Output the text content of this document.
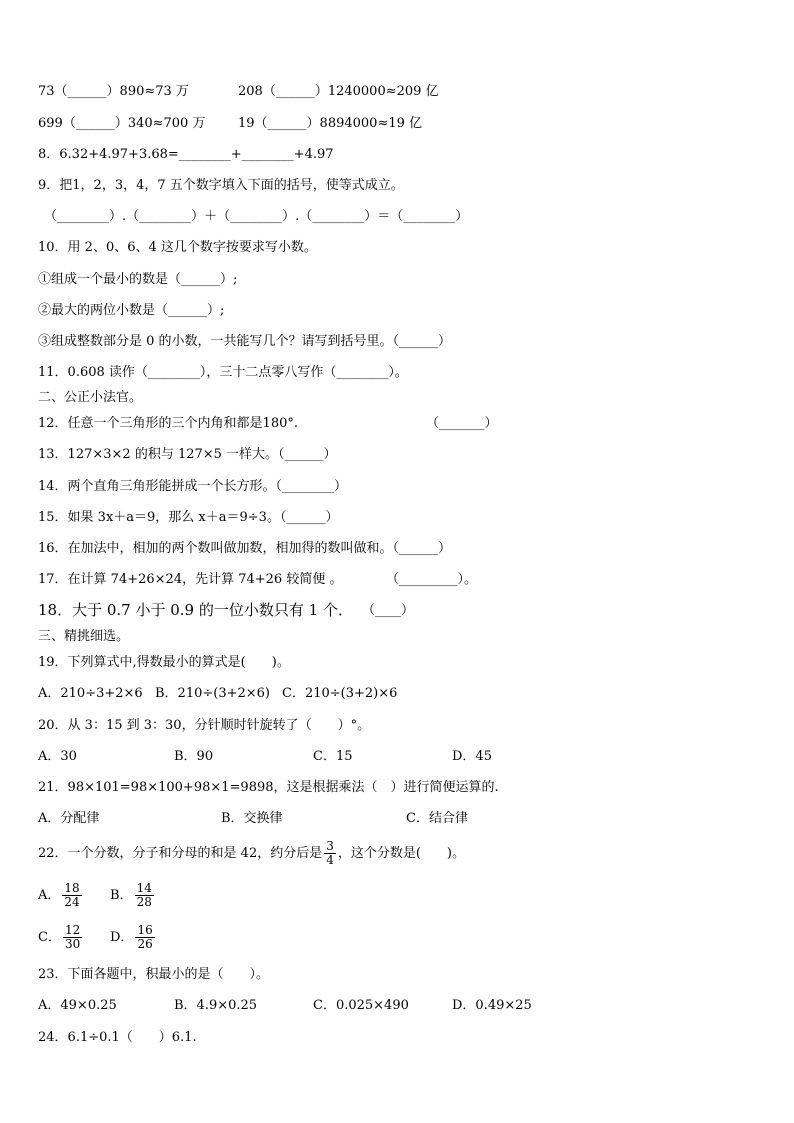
73（______）890≈73 万	208（______）1240000≈209 亿
699（______）340≈700 万	19（______）8894000≈19 亿
8．6.32+4.97+3.68=________+________+4.97
9．把1，2，3，4，7 五个数字填入下面的括号，使等式成立。
（________）.（________）＋（________）.（________）＝（________）
10．用 2、0、6、4 这几个数字按要求写小数。
①组成一个最小的数是（______）;
②最大的两位小数是（______）;
③组成整数部分是 0 的小数，一共能写几个？请写到括号里。（______）
11．0.608 读作（________），三十二点零八写作（________）。
二、公正小法官。
12．任意一个三角形的三个内角和都是180°.	（_______）
13．127×3×2 的积与 127×5 一样大。（______）
14．两个直角三角形能拼成一个长方形。（________）
15．如果 3x＋a＝9，那么 x＋a＝9÷3。（______）
16．在加法中，相加的两个数叫做加数，相加得的数叫做和。（______）
17．在计算 74+26×24，先计算 74+26 较简便 。	（_________）。
18．大于 0.7 小于 0.9 的一位小数只有 1 个． （____）
三、精挑细选。
19．下列算式中,得数最小的算式是(　　)。
A．210÷3+2×6 B．210÷(3+2×6) C．210÷(3+2)×6
20．从 3：15 到 3：30，分针顺时针旋转了（　　）°。
A．30	B．90	C．15	D．45
21．98×101=98×100+98×1=9898，这是根据乘法（　）进行简便运算的.
A．分配律	B．交换律	C．结合律
22．一个分数，分子和分母的和是 42，约分后是 $\frac{3}{4}$ ，这个分数是(　　)。
A． $\frac{18}{24}$ B． $\frac{14}{28}$
C． $\frac{12}{30}$ D． $\frac{16}{26}$
23．下面各题中，积最小的是（　　）。
A．49×0.25	B．4.9×0.25	C．0.025×490	D．0.49×25
24．6.1÷0.1（　　）6.1.
